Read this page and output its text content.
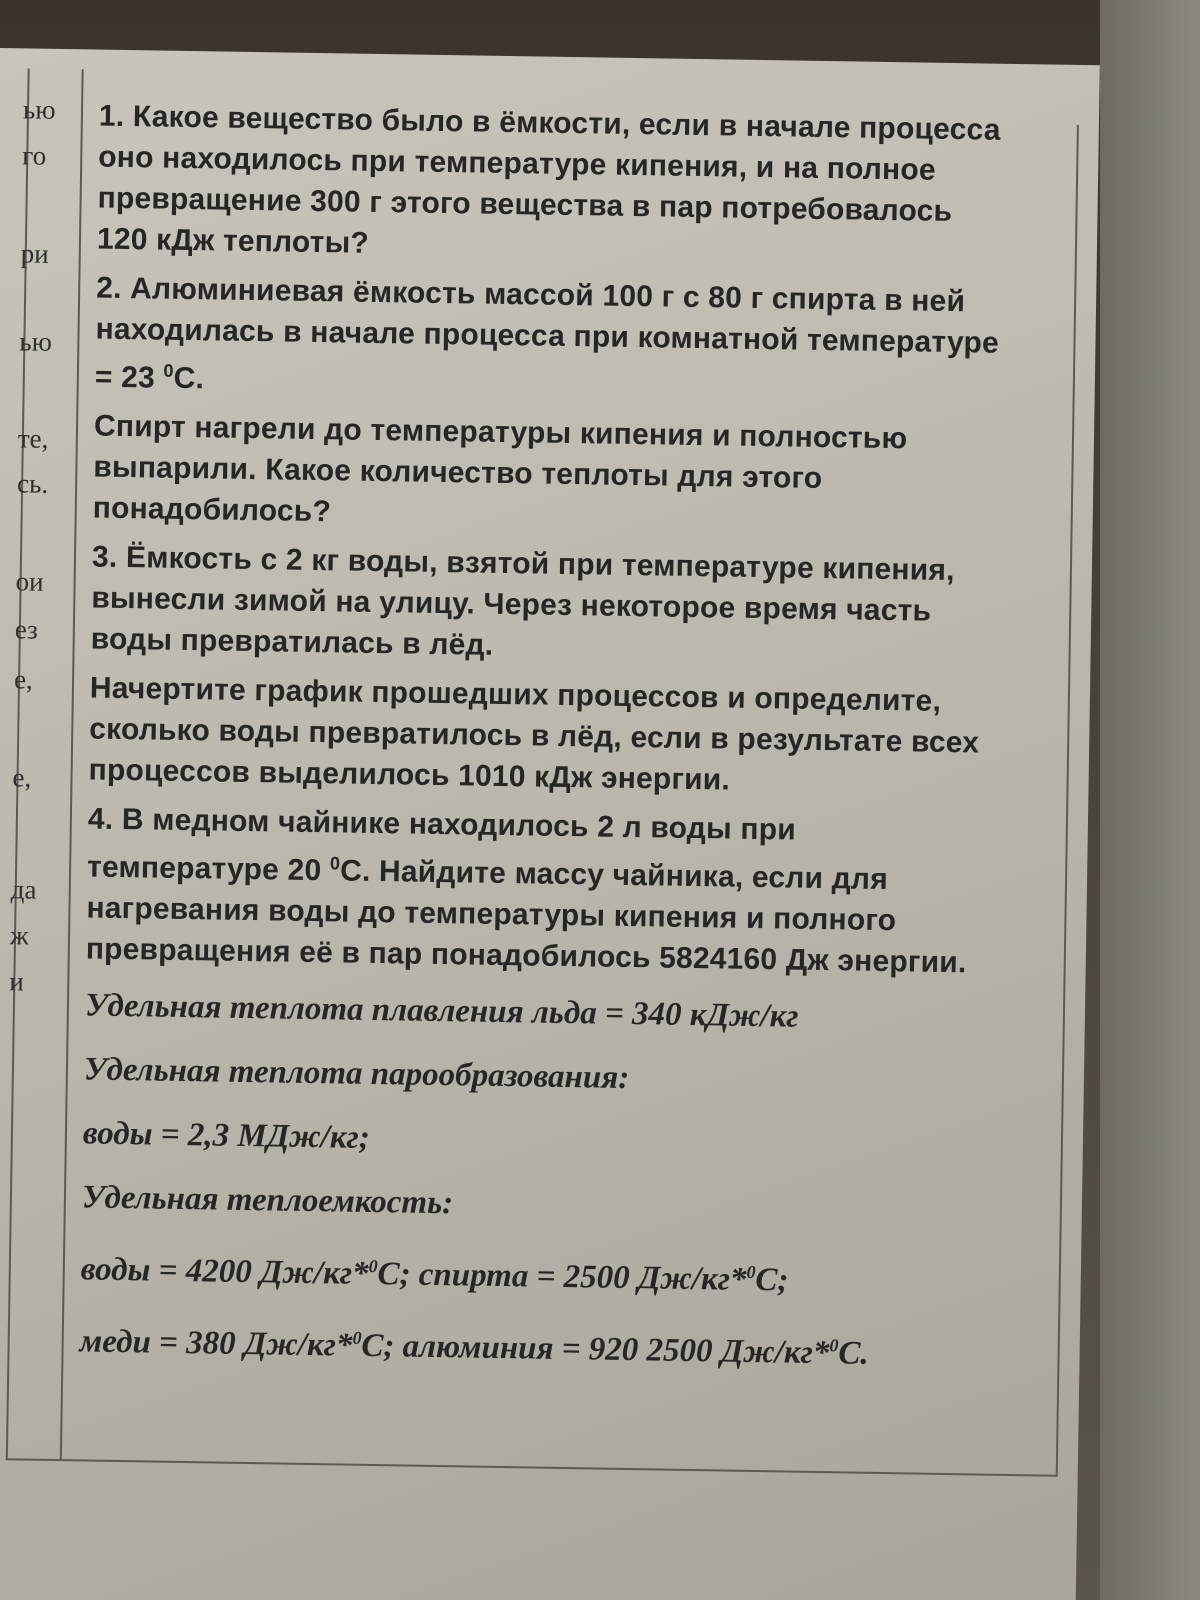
ью
го
ри
ью
те,
сь.
ои
ез
е,
е,
да
ж
и

1. Какое вещество было в ёмкости, если в начале процесса

оно находилось при температуре кипения, и на полное

превращение 300 г этого вещества в пар потребовалось

120 кДж теплоты?

2. Алюминиевая ёмкость массой 100 г с 80 г спирта в ней

находилась в начале процесса при комнатной температуре

= 23 $^0$С.

Спирт нагрели до температуры кипения и полностью

выпарили. Какое количество теплоты для этого

понадобилось?

3. Ёмкость с 2 кг воды, взятой при температуре кипения,

вынесли зимой на улицу. Через некоторое время часть

воды превратилась в лёд.

Начертите график прошедших процессов и определите,

сколько воды превратилось в лёд, если в результате всех

процессов выделилось 1010 кДж энергии.

4. В медном чайнике находилось 2 л воды при

температуре 20 $^0$С. Найдите массу чайника, если для

нагревания воды до температуры кипения и полного

превращения её в пар понадобилось 5824160 Дж энергии.

Удельная теплота плавления льда = 340 кДж/кг

Удельная теплота парообразования:

воды = 2,3 МДж/кг;

Удельная теплоемкость:

воды = 4200 Дж/кг*$^0$С; спирта = 2500 Дж/кг*$^0$С;

меди = 380 Дж/кг*$^0$С; алюминия = 920 2500 Дж/кг*$^0$С.
